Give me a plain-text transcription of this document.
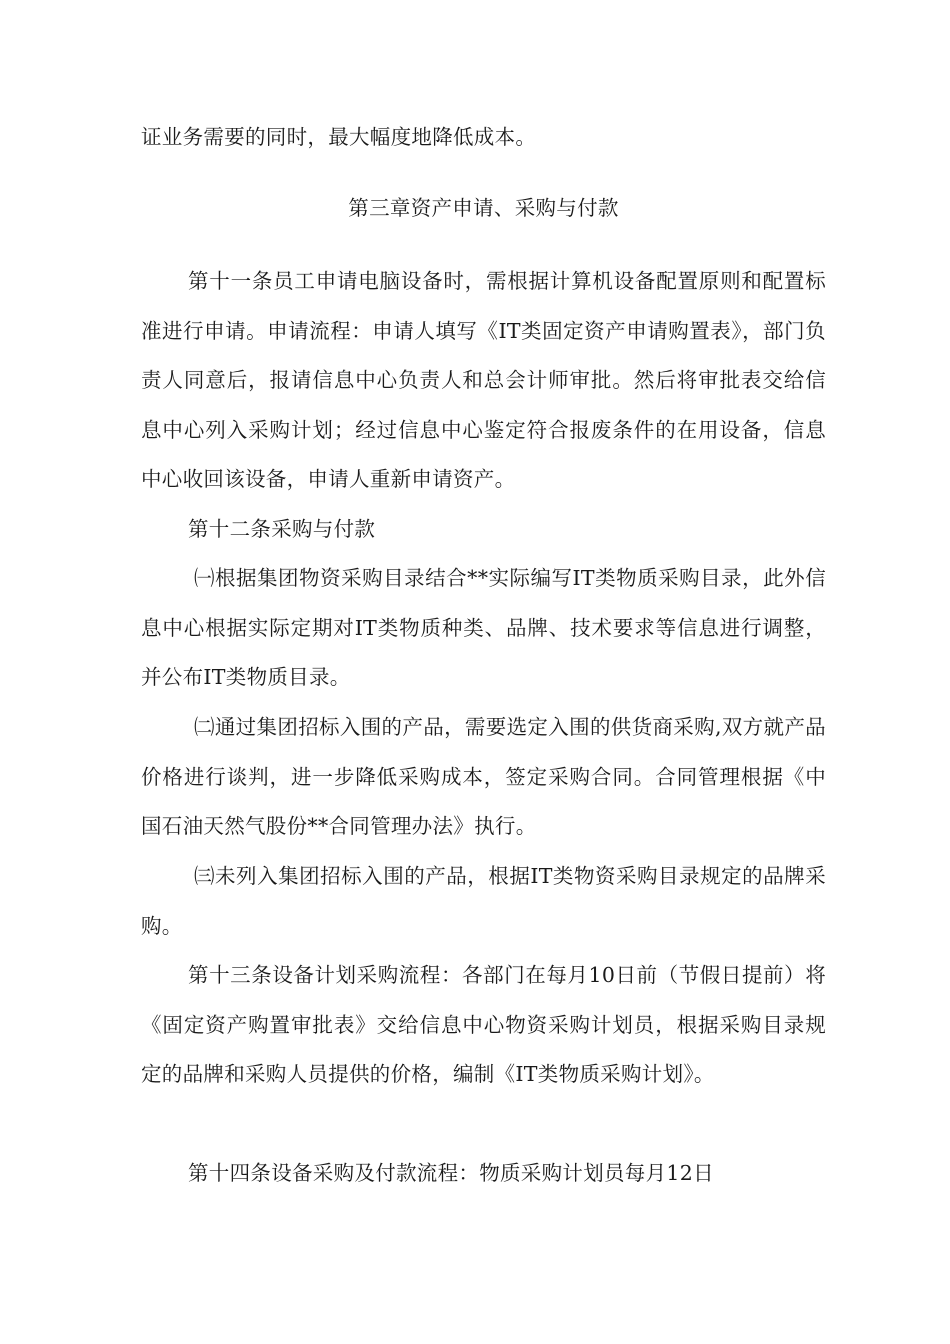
证业务需要的同时，最大幅度地降低成本。

第三章资产申请、采购与付款

第十一条员工申请电脑设备时，需根据计算机设备配置原则和配置标准进行申请。申请流程：申请人填写《IT类固定资产申请购置表》，部门负责人同意后，报请信息中心负责人和总会计师审批。然后将审批表交给信息中心列入采购计划；经过信息中心鉴定符合报废条件的在用设备，信息中心收回该设备，申请人重新申请资产。

第十二条采购与付款

㈠根据集团物资采购目录结合**实际编写IT类物质采购目录，此外信息中心根据实际定期对IT类物质种类、品牌、技术要求等信息进行调整，并公布IT类物质目录。

㈡通过集团招标入围的产品，需要选定入围的供货商采购,双方就产品价格进行谈判，进一步降低采购成本，签定采购合同。合同管理根据《中国石油天然气股份**合同管理办法》执行。

㈢未列入集团招标入围的产品，根据IT类物资采购目录规定的品牌采购。

第十三条设备计划采购流程：各部门在每月10日前（节假日提前）将《固定资产购置审批表》交给信息中心物资采购计划员，根据采购目录规定的品牌和采购人员提供的价格，编制《IT类物质采购计划》。

第十四条设备采购及付款流程：物质采购计划员每月12日
